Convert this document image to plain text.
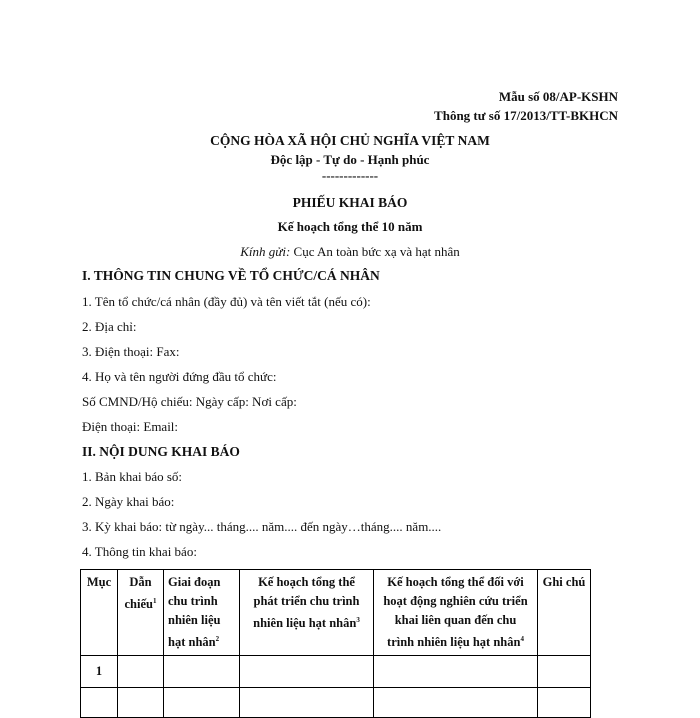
Mẫu số 08/AP-KSHN
Thông tư số 17/2013/TT-BKHCN
CỘNG HÒA XÃ HỘI CHỦ NGHĨA VIỆT NAM
Độc lập - Tự do - Hạnh phúc
-------------
PHIẾU KHAI BÁO
Kế hoạch tổng thể 10 năm
Kính gửi: Cục An toàn bức xạ và hạt nhân
I. THÔNG TIN CHUNG VỀ TỔ CHỨC/CÁ NHÂN
1. Tên tổ chức/cá nhân (đầy đủ) và tên viết tắt (nếu có):
2. Địa chỉ:
3. Điện thoại: Fax:
4. Họ và tên người đứng đầu tổ chức:
Số CMND/Hộ chiếu: Ngày cấp: Nơi cấp:
Điện thoại: Email:
II. NỘI DUNG KHAI BÁO
1. Bản khai báo số:
2. Ngày khai báo:
3. Kỳ khai báo: từ ngày... tháng.... năm.... đến ngày…tháng.... năm....
4. Thông tin khai báo:
Mục	Dẫn
chiếu$^1$	Giai đoạn
chu trình
nhiên liệu
hạt nhân$^2$	Kế hoạch tổng thể
phát triển chu trình
nhiên liệu hạt nhân$^3$	Kế hoạch tổng thể đối với
hoạt động nghiên cứu triển
khai liên quan đến chu
trình nhiên liệu hạt nhân$^4$	Ghi chú
1					
